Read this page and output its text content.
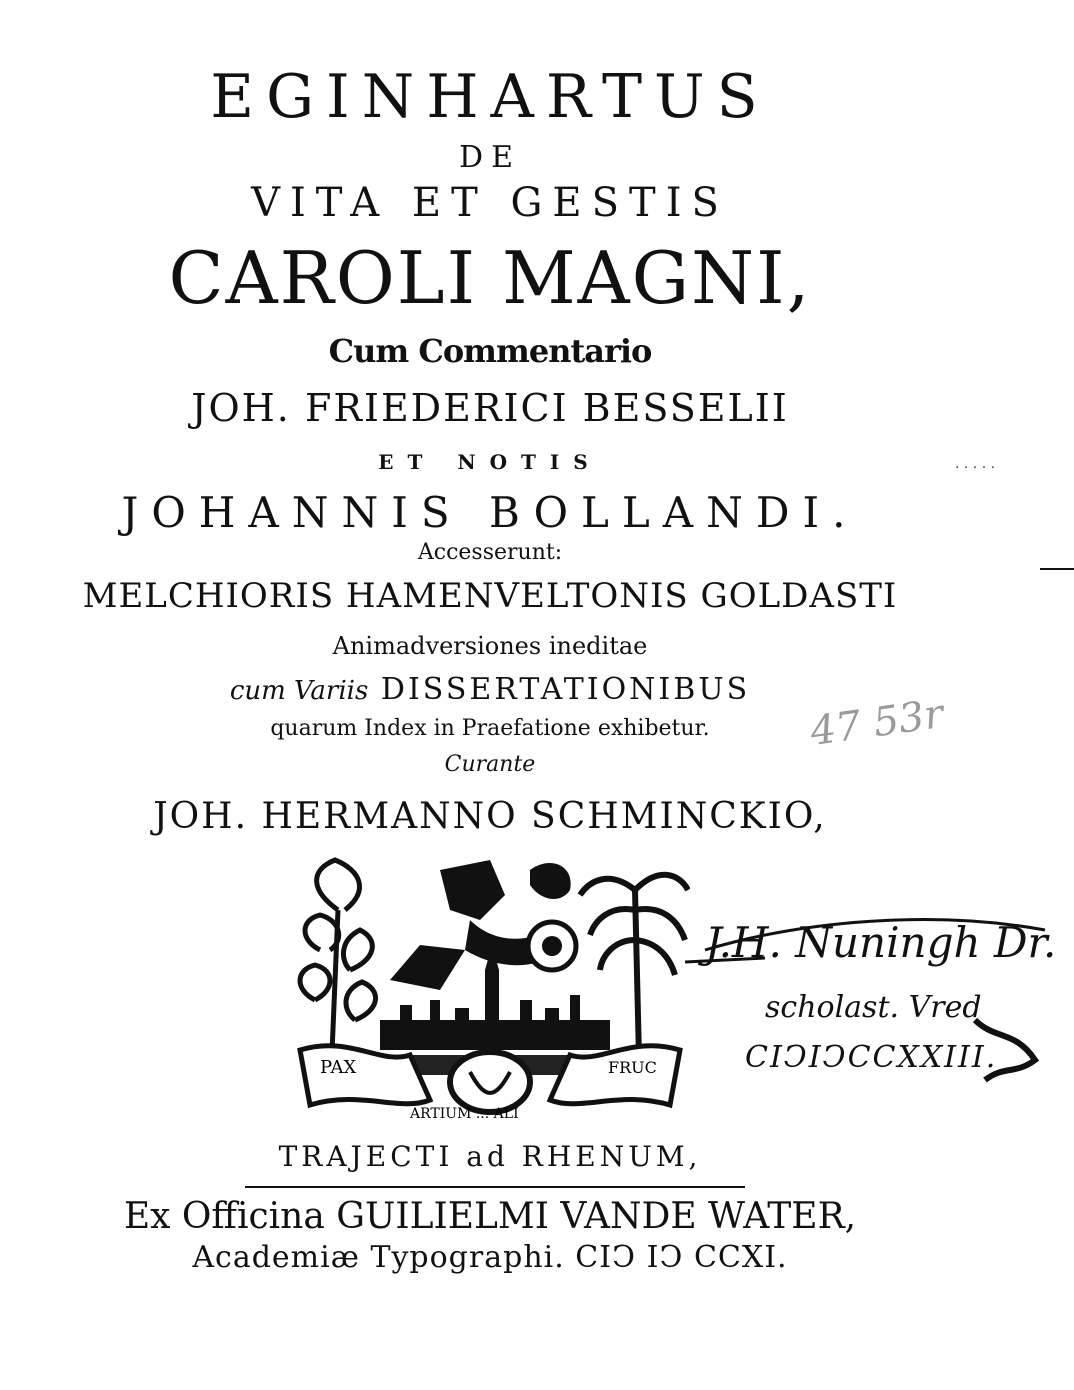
EGINHARTUS
DE
VITA ET GESTIS
CAROLI MAGNI,
Cum Commentario
JOH. FRIEDERICI BESSELII
ET NOTIS
JOHANNIS BOLLANDI.
Accesserunt:
MELCHIORIS HAMENVELTONIS GOLDASTI
Animadversiones ineditae
cum Variis DISSERTATIONIBUS
quarum Index in Praefatione exhibetur.
Curante
JOH. HERMANNO SCHMINCKIO,
PAX	FRUC
ARTIUM ... ALI
J.H. Nuningh Dr.
scholast. Vred
CIↃIↃCCXXIII.
47 53r
· · · · ·
TRAJECTI ad RHENUM,
Ex Officina GUILIELMI VANDE WATER,
Academiæ Typographi. CIↃ IↃ CCXI.
